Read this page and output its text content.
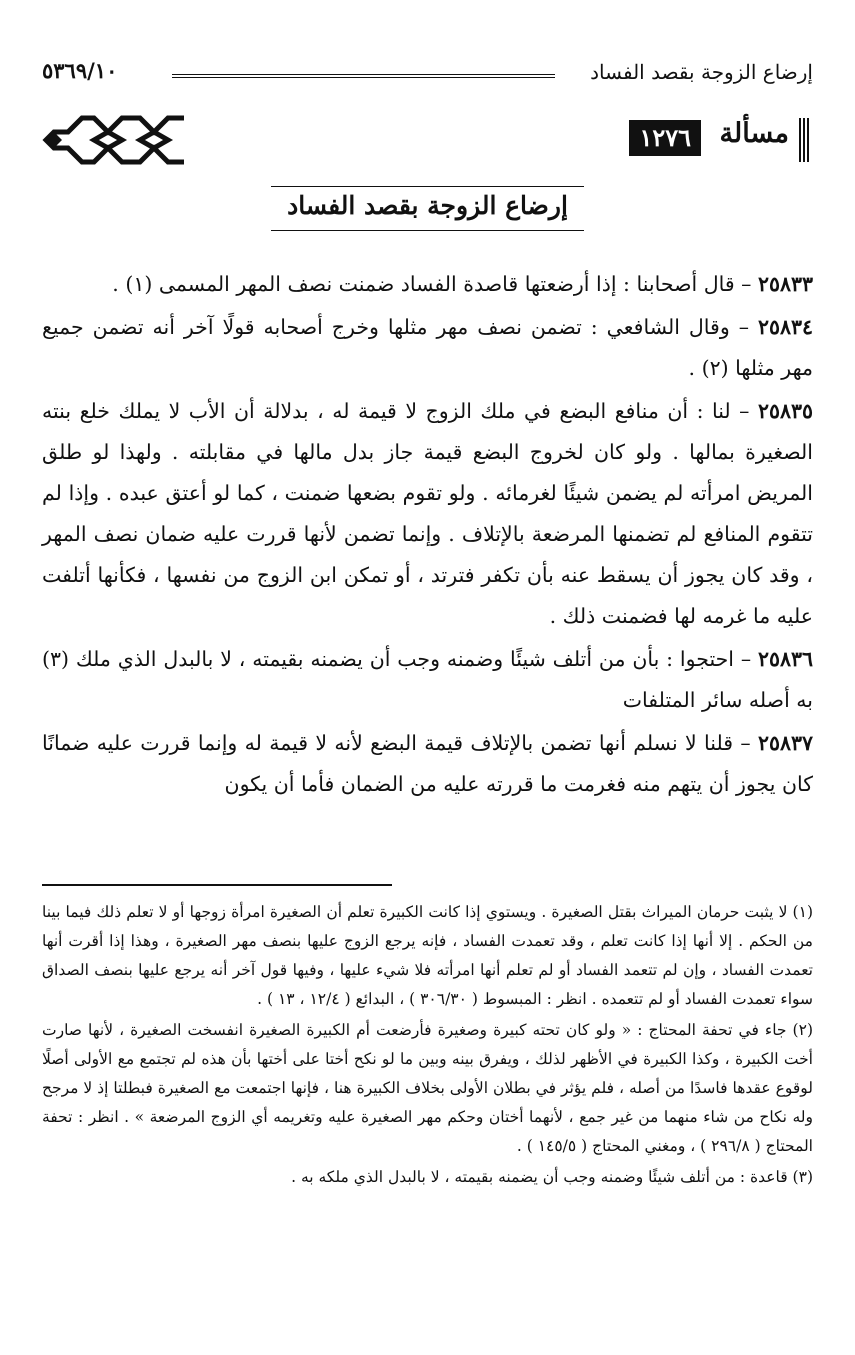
إرضاع الزوجة بقصد الفساد
٥٣٦٩/١٠
مسألة
١٢٧٦
إرضاع الزوجة بقصد الفساد

٢٥٨٣٣ – قال أصحابنا : إذا أرضعتها قاصدة الفساد ضمنت نصف المهر المسمى (١) .

٢٥٨٣٤ – وقال الشافعي : تضمن نصف مهر مثلها وخرج أصحابه قولًا آخر أنه تضمن جميع مهر مثلها (٢) .

٢٥٨٣٥ – لنا : أن منافع البضع في ملك الزوج لا قيمة له ، بدلالة أن الأب لا يملك خلع بنته الصغيرة بمالها . ولو كان لخروج البضع قيمة جاز بدل مالها في مقابلته . ولهذا لو طلق المريض امرأته لم يضمن شيئًا لغرمائه . ولو تقوم بضعها ضمنت ، كما لو أعتق عبده . وإذا لم تتقوم المنافع لم تضمنها المرضعة بالإتلاف . وإنما تضمن لأنها قررت عليه ضمان نصف المهر ، وقد كان يجوز أن يسقط عنه بأن تكفر فترتد ، أو تمكن ابن الزوج من نفسها ، فكأنها أتلفت عليه ما غرمه لها فضمنت ذلك .

٢٥٨٣٦ – احتجوا : بأن من أتلف شيئًا وضمنه وجب أن يضمنه بقيمته ، لا بالبدل الذي ملك (٣) به أصله سائر المتلفات

٢٥٨٣٧ – قلنا لا نسلم أنها تضمن بالإتلاف قيمة البضع لأنه لا قيمة له وإنما قررت عليه ضمانًا كان يجوز أن يتهم منه فغرمت ما قررته عليه من الضمان فأما أن يكون

(١) لا يثبت حرمان الميراث بقتل الصغيرة . ويستوي إذا كانت الكبيرة تعلم أن الصغيرة امرأة زوجها أو لا تعلم ذلك فيما بينا من الحكم . إلا أنها إذا كانت تعلم ، وقد تعمدت الفساد ، فإنه يرجع الزوج عليها بنصف مهر الصغيرة ، وهذا إذا أقرت أنها تعمدت الفساد ، وإن لم تتعمد الفساد أو لم تعلم أنها امرأته فلا شيء عليها ، وفيها قول آخر أنه يرجع عليها بنصف الصداق سواء تعمدت الفساد أو لم تتعمده . انظر : المبسوط ( ٣٠٦/٣٠ ) ، البدائع ( ١٢/٤ ، ١٣ ) .

(٢) جاء في تحفة المحتاج : « ولو كان تحته كبيرة وصغيرة فأرضعت أم الكبيرة الصغيرة انفسخت الصغيرة ، لأنها صارت أخت الكبيرة ، وكذا الكبيرة في الأظهر لذلك ، ويفرق بينه وبين ما لو نكح أختا على أختها بأن هذه لم تجتمع مع الأولى أصلًا لوقوع عقدها فاسدًا من أصله ، فلم يؤثر في بطلان الأولى بخلاف الكبيرة هنا ، فإنها اجتمعت مع الصغيرة فبطلتا إذ لا مرجح وله نكاح من شاء منهما من غير جمع ، لأنهما أختان وحكم مهر الصغيرة عليه وتغريمه أي الزوج المرضعة » . انظر : تحفة المحتاج ( ٢٩٦/٨ ) ، ومغني المحتاج ( ١٤٥/٥ ) .

(٣) قاعدة : من أتلف شيئًا وضمنه وجب أن يضمنه بقيمته ، لا بالبدل الذي ملكه به .
